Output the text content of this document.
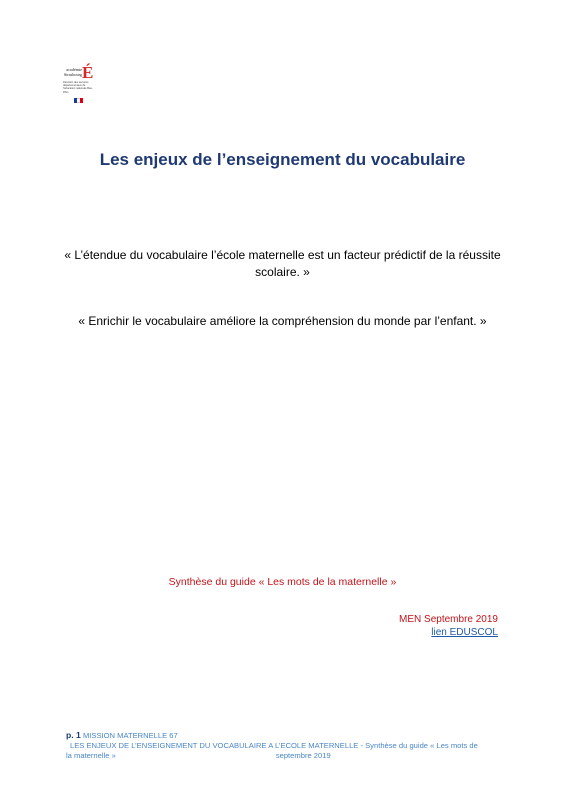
académie
Strasbourg É
Direction des services départementaux de l'éducation nationale Bas-Rhin
Les enjeux de l’enseignement du vocabulaire
« L’étendue du vocabulaire l’école maternelle est un facteur prédictif de la réussite scolaire. »
« Enrichir le vocabulaire améliore la compréhension du monde par l’enfant. »
Synthèse du guide « Les mots de la maternelle »
MEN Septembre 2019
lien EDUSCOL
p. 1 MISSION MATERNELLE 67
LES ENJEUX DE L’ENSEIGNEMENT DU VOCABULAIRE A L’ECOLE MATERNELLE - Synthèse du guide « Les mots de
la maternelle »	septembre 2019
